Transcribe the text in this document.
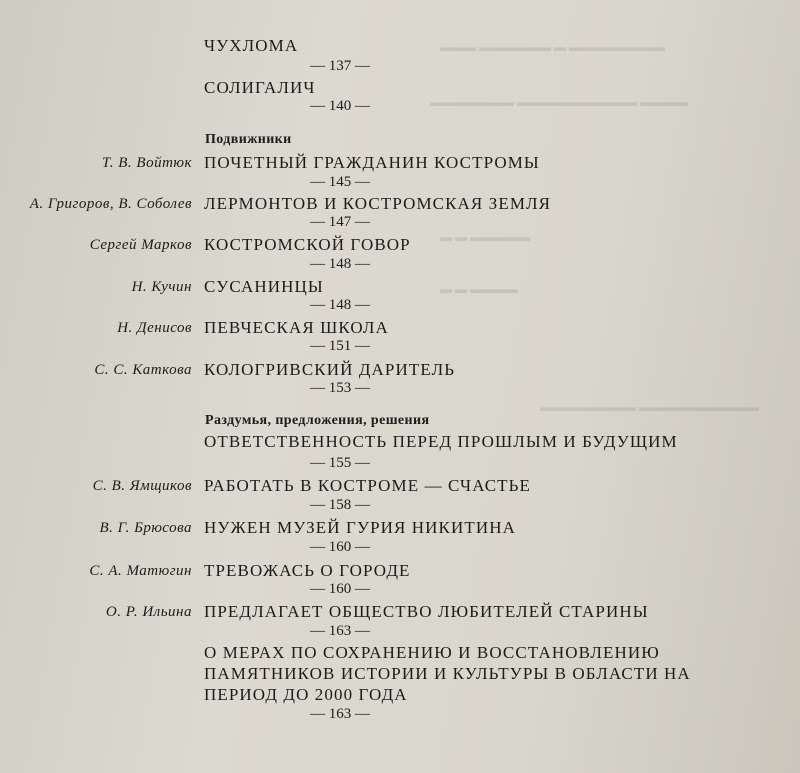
▬▬▬ ▬▬▬▬▬▬ ▬ ▬▬▬▬▬▬▬▬
▬▬▬▬▬▬▬ ▬▬▬▬▬▬▬▬▬▬ ▬▬▬▬
▬ ▬ ▬▬▬▬▬
▬ ▬ ▬▬▬▬
▬▬▬▬▬▬▬▬ ▬▬▬▬▬▬▬▬▬▬
ЧУХЛОМА
— 137 —
СОЛИГАЛИЧ
— 140 —
Подвижники
Т. В. Войтюк ПОЧЕТНЫЙ ГРАЖДАНИН КОСТРОМЫ
— 145 —
А. Григоров, В. Соболев ЛЕРМОНТОВ И КОСТРОМСКАЯ ЗЕМЛЯ
— 147 —
Сергей Марков КОСТРОМСКОЙ ГОВОР
— 148 —
Н. Кучин СУСАНИНЦЫ
— 148 —
Н. Денисов ПЕВЧЕСКАЯ ШКОЛА
— 151 —
С. С. Каткова КОЛОГРИВСКИЙ ДАРИТЕЛЬ
— 153 —
Раздумья, предложения, решения
ОТВЕТСТВЕННОСТЬ ПЕРЕД ПРОШЛЫМ И БУДУЩИМ
— 155 —
С. В. Ямщиков РАБОТАТЬ В КОСТРОМЕ — СЧАСТЬЕ
— 158 —
В. Г. Брюсова НУЖЕН МУЗЕЙ ГУРИЯ НИКИТИНА
— 160 —
С. А. Матюгин ТРЕВОЖАСЬ О ГОРОДЕ
— 160 —
О. Р. Ильина ПРЕДЛАГАЕТ ОБЩЕСТВО ЛЮБИТЕЛЕЙ СТАРИНЫ
— 163 —
О МЕРАХ ПО СОХРАНЕНИЮ И ВОССТАНОВЛЕНИЮ
ПАМЯТНИКОВ ИСТОРИИ И КУЛЬТУРЫ В ОБЛАСТИ НА
ПЕРИОД ДО 2000 ГОДА
— 163 —
